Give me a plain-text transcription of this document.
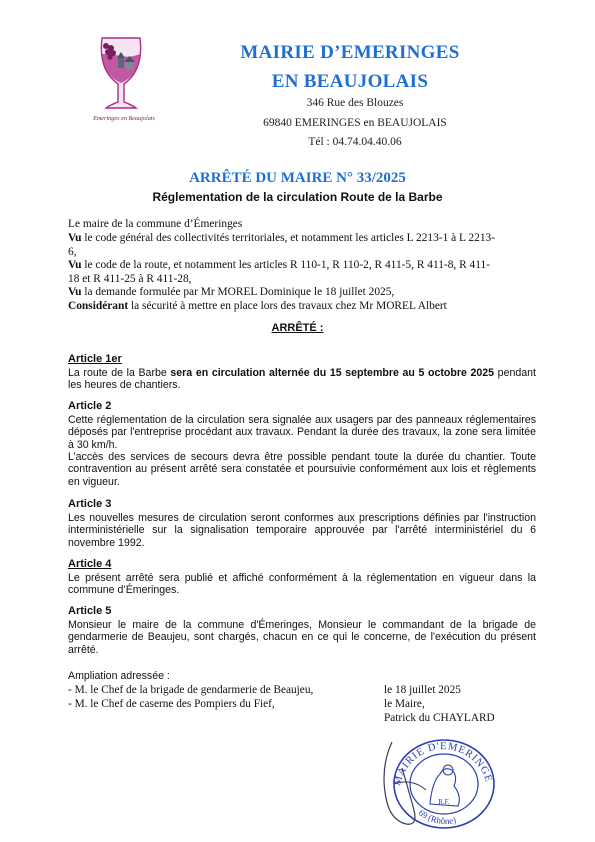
Emeringes en Beaujolais
MAIRIE D’EMERINGES
EN BEAUJOLAIS
346 Rue des Blouzes
69840 EMERINGES en BEAUJOLAIS
Tél : 04.74.04.40.06
ARRÊTÉ DU MAIRE N° 33/2025
Réglementation de la circulation Route de la Barbe
Le maire de la commune d’Émeringes
Vu le code général des collectivités territoriales, et notamment les articles L 2213-1 à L 2213-
6,
Vu le code de la route, et notamment les articles R 110-1, R 110-2, R 411-5, R 411-8, R 411-
18 et R 411-25 à R 411-28,
Vu la demande formulée par Mr MOREL Dominique le 18 juillet 2025,
Considérant la sécurité à mettre en place lors des travaux chez Mr MOREL Albert
ARRÊTÉ :
Article 1er
La route de la Barbe sera en circulation alternée du 15 septembre au 5 octobre 2025 pendant les heures de chantiers.
Article 2
Cette réglementation de la circulation sera signalée aux usagers par des panneaux réglementaires déposés par l'entreprise procédant aux travaux. Pendant la durée des travaux, la zone sera limitée à 30 km/h.
L’accès des services de secours devra être possible pendant toute la durée du chantier. Toute contravention au présent arrêté sera constatée et poursuivie conformément aux lois et règlements en vigueur.
Article 3
Les nouvelles mesures de circulation seront conformes aux prescriptions définies par l'instruction interministérielle sur la signalisation temporaire approuvée par l'arrêté interministériel du 6 novembre 1992.
Article 4
Le présent arrêté sera publié et affiché conformément à la réglementation en vigueur dans la commune d’Émeringes.
Article 5
Monsieur le maire de la commune d'Émeringes, Monsieur le commandant de la brigade de gendarmerie de Beaujeu, sont chargés, chacun en ce qui le concerne, de l'exécution du présent arrêté.
Ampliation adressée :
- M. le Chef de la brigade de gendarmerie de Beaujeu,
- M. le Chef de caserne des Pompiers du Fief,
le 18 juillet 2025
le Maire,
Patrick du CHAYLARD
MAIRIE D'EMERINGE
69 (Rhône)
R.F.
